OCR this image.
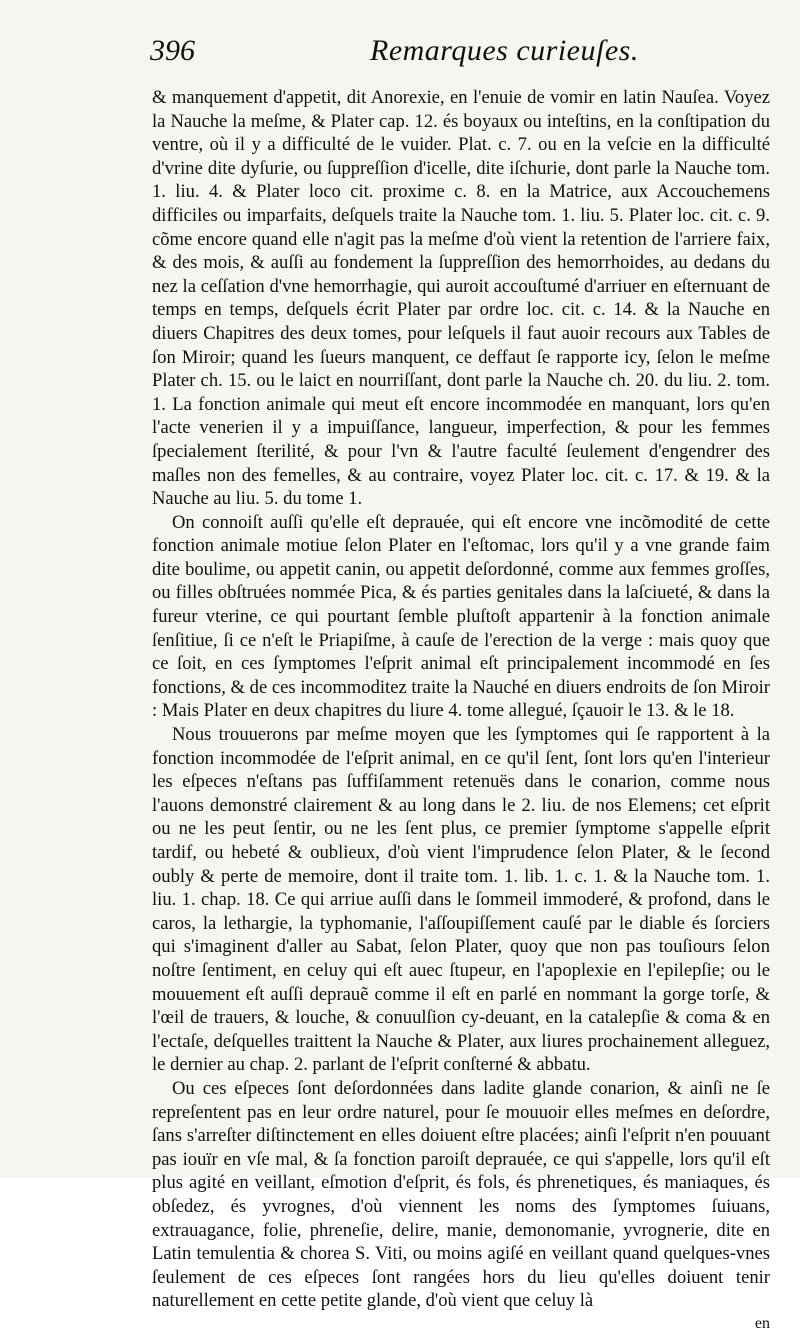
396	Remarques curieuſes.

& manquement d'appetit, dit Anorexie, en l'enuie de vomir en latin Nauſea. Voyez la Nauche la meſme, & Plater cap. 12. és boyaux ou inteſtins, en la conſtipation du ventre, où il y a difficulté de le vuider. Plat. c. 7. ou en la veſcie en la difficulté d'vrine dite dyſurie, ou ſuppreſſion d'icelle, dite iſchurie, dont parle la Nauche tom. 1. liu. 4. & Plater loco cit. proxime c. 8. en la Matrice, aux Accouchemens difficiles ou imparfaits, deſquels traite la Nauche tom. 1. liu. 5. Plater loc. cit. c. 9. cõme encore quand elle n'agit pas la meſme d'où vient la retention de l'arriere faix, & des mois, & auſſi au fondement la ſuppreſſion des hemorrhoides, au dedans du nez la ceſſation d'vne hemorrhagie, qui auroit accouſtumé d'arriuer en eſternuant de temps en temps, deſquels écrit Plater par ordre loc. cit. c. 14. & la Nauche en diuers Chapitres des deux tomes, pour leſquels il faut auoir recours aux Tables de ſon Miroir; quand les ſueurs manquent, ce deffaut ſe rapporte icy, ſelon le meſme Plater ch. 15. ou le laict en nourriſſant, dont parle la Nauche ch. 20. du liu. 2. tom. 1. La fonction animale qui meut eſt encore incommodée en manquant, lors qu'en l'acte venerien il y a impuiſſance, langueur, imperfection, & pour les femmes ſpecialement ſterilité, & pour l'vn & l'autre faculté ſeulement d'engendrer des maſles non des femelles, & au contraire, voyez Plater loc. cit. c. 17. & 19. & la Nauche au liu. 5. du tome 1.

On connoiſt auſſi qu'elle eſt deprauée, qui eſt encore vne incõmodité de cette fonction animale motiue ſelon Plater en l'eſtomac, lors qu'il y a vne grande faim dite boulime, ou appetit canin, ou appetit deſordonné, comme aux femmes groſſes, ou filles obſtruées nommée Pica, & és parties genitales dans la laſciueté, & dans la fureur vterine, ce qui pourtant ſemble pluſtoſt appartenir à la fonction animale ſenſitiue, ſi ce n'eſt le Priapiſme, à cauſe de l'erection de la verge : mais quoy que ce ſoit, en ces ſymptomes l'eſprit animal eſt principalement incommodé en ſes fonctions, & de ces incommoditez traite la Nauché en diuers endroits de ſon Miroir : Mais Plater en deux chapitres du liure 4. tome allegué, ſçauoir le 13. & le 18.

Nous trouuerons par meſme moyen que les ſymptomes qui ſe rapportent à la fonction incommodée de l'eſprit animal, en ce qu'il ſent, ſont lors qu'en l'interieur les eſpeces n'eſtans pas ſuffiſamment retenuës dans le conarion, comme nous l'auons demonstré clairement & au long dans le 2. liu. de nos Elemens; cet eſprit ou ne les peut ſentir, ou ne les ſent plus, ce premier ſymptome s'appelle eſprit tardif, ou hebeté & oublieux, d'où vient l'imprudence ſelon Plater, & le ſecond oubly & perte de memoire, dont il traite tom. 1. lib. 1. c. 1. & la Nauche tom. 1. liu. 1. chap. 18. Ce qui arriue auſſi dans le ſommeil immoderé, & profond, dans le caros, la lethargie, la typhomanie, l'aſſoupiſſement cauſé par le diable és ſorciers qui s'imaginent d'aller au Sabat, ſelon Plater, quoy que non pas touſiours ſelon noſtre ſentiment, en celuy qui eſt auec ſtupeur, en l'apoplexie en l'epilepſie; ou le mouuement eſt auſſi deprauẽ comme il eſt en parlé en nommant la gorge torſe, & l'œil de trauers, & louche, & conuulſion cy-deuant, en la catalepſie & coma & en l'ectaſe, deſquelles traittent la Nauche & Plater, aux liures prochainement alleguez, le dernier au chap. 2. parlant de l'eſprit conſterné & abbatu.

Ou ces eſpeces ſont deſordonnées dans ladite glande conarion, & ainſi ne ſe repreſentent pas en leur ordre naturel, pour ſe mouuoir elles meſmes en deſordre, ſans s'arreſter diſtinctement en elles doiuent eſtre placées; ainſi l'eſprit n'en pouuant pas iouïr en vſe mal, & ſa fonction paroiſt deprauée, ce qui s'appelle, lors qu'il eſt plus agité en veillant, eſmotion d'eſprit, és fols, és phrenetiques, és maniaques, és obſedez, és yvrognes, d'où viennent les noms des ſymptomes ſuiuans, extrauagance, folie, phreneſie, delire, manie, demonomanie, yvrognerie, dite en Latin temulentia & chorea S. Viti, ou moins agiſé en veillant quand quelques-vnes ſeulement de ces eſpeces ſont rangées hors du lieu qu'elles doiuent tenir naturellement en cette petite glande, d'où vient que celuy là

en
